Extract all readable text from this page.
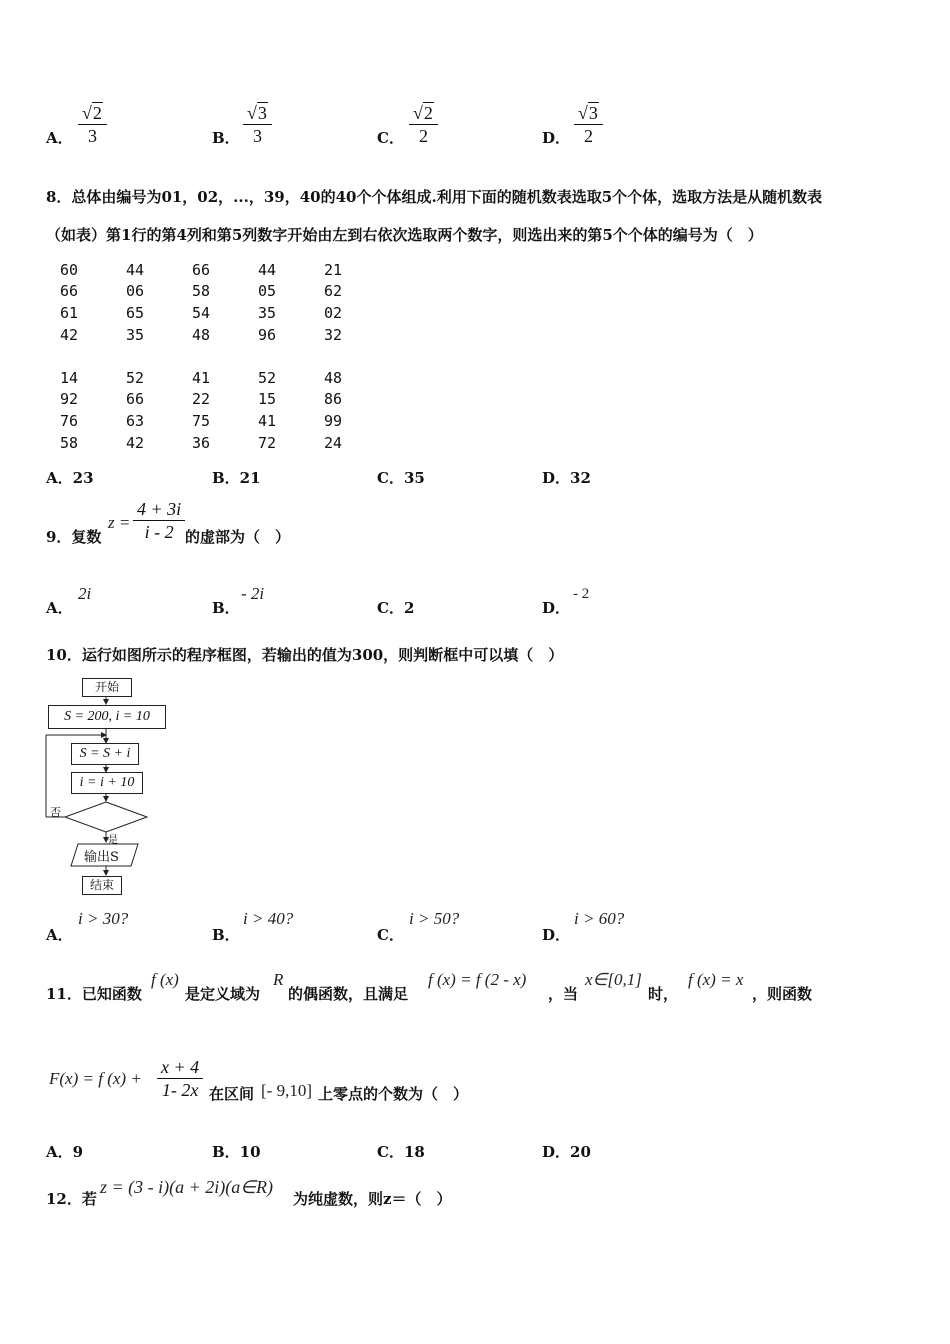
A． $\frac{√2}{3}$	B． $\frac{√3}{3}$	C． $\frac{√2}{2}$	D． $\frac{√3}{2}$
8．总体由编号为01，02，...，39，40的40个个体组成.利用下面的随机数表选取5个个体，选取方法是从随机数表
（如表）第1行的第4列和第5列数字开始由左到右依次选取两个数字，则选出来的第5个个体的编号为（　）
60	44	66	44	21
66	06	58	05	62
61	65	54	35	02
42	35	48	96	32
14	52	41	52	48
92	66	22	15	86
76	63	75	41	99
58	42	36	72	24
A．23	B．21	C．35	D．32
9．复数
$z = \frac{4 + 3i}{i - 2}$ 的虚部为（　）
A．
2i
B．
- 2i
C．2	D．
- 2
10．运行如图所示的程序框图，若输出的值为300，则判断框中可以填（　）
开始
S = 200, i = 10
S = S + i
i = i + 10
否
是
输出S
结束
A．
i > 30?
B．
i > 40?
C．
i > 50?
D．
i > 60?
11．已知函数
f (x)
是定义域为
R
的偶函数，且满足
f (x) = f (2 - x)
，当
x∈[0,1]
时，
f (x) = x
，则函数
F(x) = f $(x) + \frac{x + 4}{1- 2x}$ 在区间 [- 9,10] 上零点的个数为（　）
A．9	B．10	C．18	D．20
12．若
z = (3 - i)(a + 2i)(a∈R)
为纯虚数，则z＝（　）
